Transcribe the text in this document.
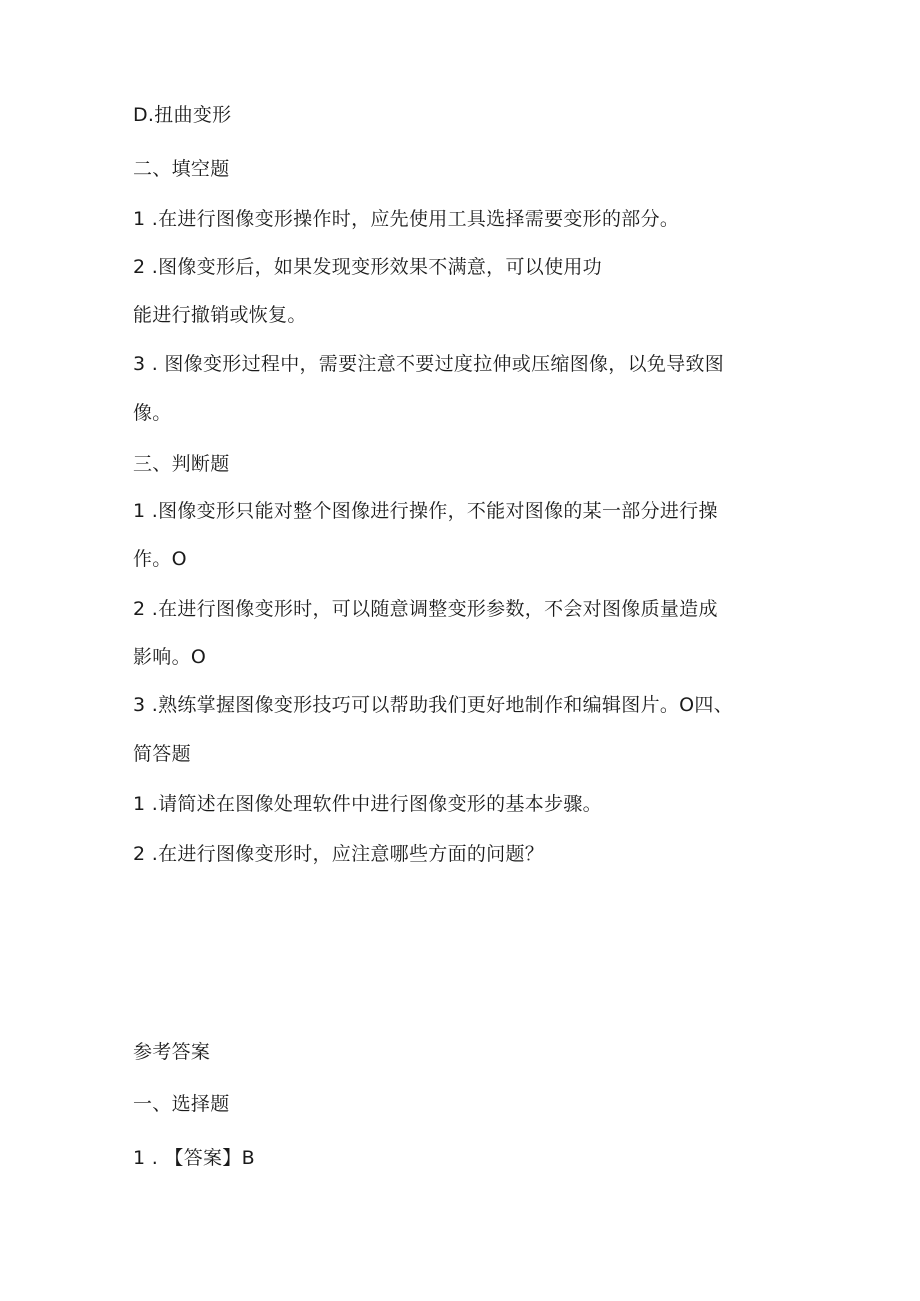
D.扭曲变形
二、填空题
1 .在进行图像变形操作时，应先使用工具选择需要变形的部分。
2 .图像变形后，如果发现变形效果不满意，可以使用功
能进行撤销或恢复。
3 . 图像变形过程中，需要注意不要过度拉伸或压缩图像，以免导致图
像。
三、判断题
1 .图像变形只能对整个图像进行操作，不能对图像的某一部分进行操
作。O
2 .在进行图像变形时，可以随意调整变形参数，不会对图像质量造成
影响。O
3 .熟练掌握图像变形技巧可以帮助我们更好地制作和编辑图片。O四、
简答题
1 .请简述在图像处理软件中进行图像变形的基本步骤。
2 .在进行图像变形时，应注意哪些方面的问题？
参考答案
一、选择题
1 . 【答案】B
